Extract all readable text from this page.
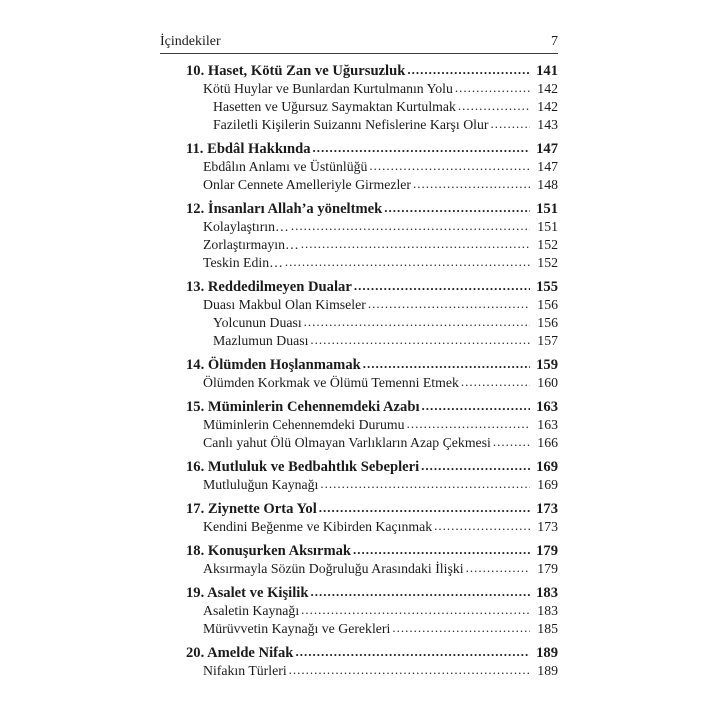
İçindekiler	7
10. Haset, Kötü Zan ve Uğursuzluk .....	141
Kötü Huylar ve Bunlardan Kurtulmanın Yolu .....	142
Hasetten ve Uğursuz Saymaktan Kurtulmak .....	142
Faziletli Kişilerin Suizannı Nefislerine Karşı Olur .....	143
11. Ebdâl Hakkında .....	147
Ebdâlın Anlamı ve Üstünlüğü .....	147
Onlar Cennete Amelleriyle Girmezler .....	148
12. İnsanları Allah’a yöneltmek .....	151
Kolaylaştırın… .....	151
Zorlaştırmayın… .....	152
Teskin Edin… .....	152
13. Reddedilmeyen Dualar .....	155
Duası Makbul Olan Kimseler .....	156
Yolcunun Duası .....	156
Mazlumun Duası .....	157
14. Ölümden Hoşlanmamak .....	159
Ölümden Korkmak ve Ölümü Temenni Etmek .....	160
15. Müminlerin Cehennemdeki Azabı .....	163
Müminlerin Cehennemdeki Durumu .....	163
Canlı yahut Ölü Olmayan Varlıkların Azap Çekmesi .....	166
16. Mutluluk ve Bedbahtlık Sebepleri .....	169
Mutluluğun Kaynağı .....	169
17. Ziynette Orta Yol .....	173
Kendini Beğenme ve Kibirden Kaçınmak .....	173
18. Konuşurken Aksırmak .....	179
Aksırmayla Sözün Doğruluğu Arasındaki İlişki .....	179
19. Asalet ve Kişilik .....	183
Asaletin Kaynağı .....	183
Mürüvvetin Kaynağı ve Gerekleri .....	185
20. Amelde Nifak .....	189
Nifakın Türleri .....	189
